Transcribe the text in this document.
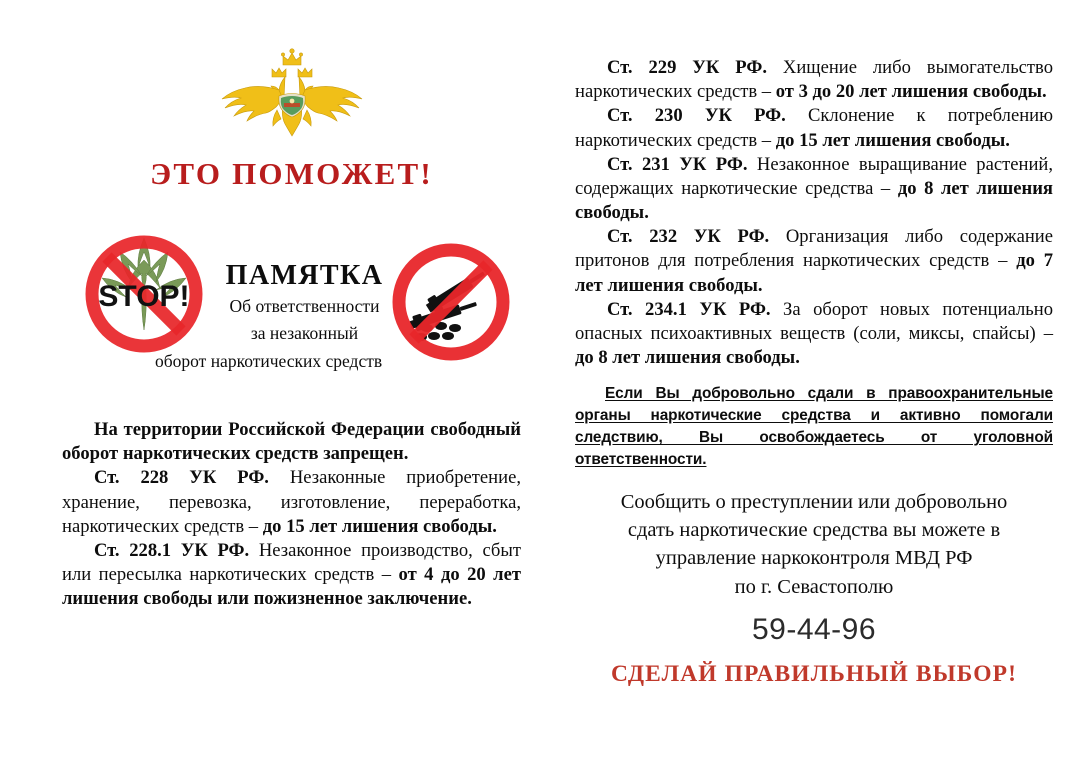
ЭТО ПОМОЖЕТ!
STOP!
ПАМЯТКА
Об ответственности
за незаконный
оборот наркотических средств

На территории Российской Федерации свободный оборот наркотических средств запрещен.

Ст. 228 УК РФ. Незаконные приобретение, хранение, перевозка, изготовление, переработка, наркотических средств – до 15 лет лишения свободы.

Ст. 228.1 УК РФ. Незаконное производство, сбыт или пересылка наркотических средств – от 4 до 20 лет лишения свободы или пожизненное заключение.

Ст. 229 УК РФ. Хищение либо вымогательство наркотических средств – от 3 до 20 лет лишения свободы.

Ст. 230 УК РФ. Склонение к потреблению наркотических средств – до 15 лет лишения свободы.

Ст. 231 УК РФ. Незаконное выращивание растений, содержащих наркотические средства – до 8 лет лишения свободы.

Ст. 232 УК РФ. Организация либо содержание притонов для потребления наркотических средств – до 7 лет лишения свободы.

Ст. 234.1 УК РФ. За оборот новых потенциально опасных психоактивных веществ (соли, миксы, спайсы) – до 8 лет лишения свободы.

Если Вы добровольно сдали в правоохранительные органы наркотические средства и активно помогали следствию, Вы освобождаетесь от уголовной ответственности.

Сообщить о преступлении или добровольно
сдать наркотические средства вы можете в
управление наркоконтроля МВД РФ
по г. Севастополю
59-44-96
СДЕЛАЙ ПРАВИЛЬНЫЙ ВЫБОР!
